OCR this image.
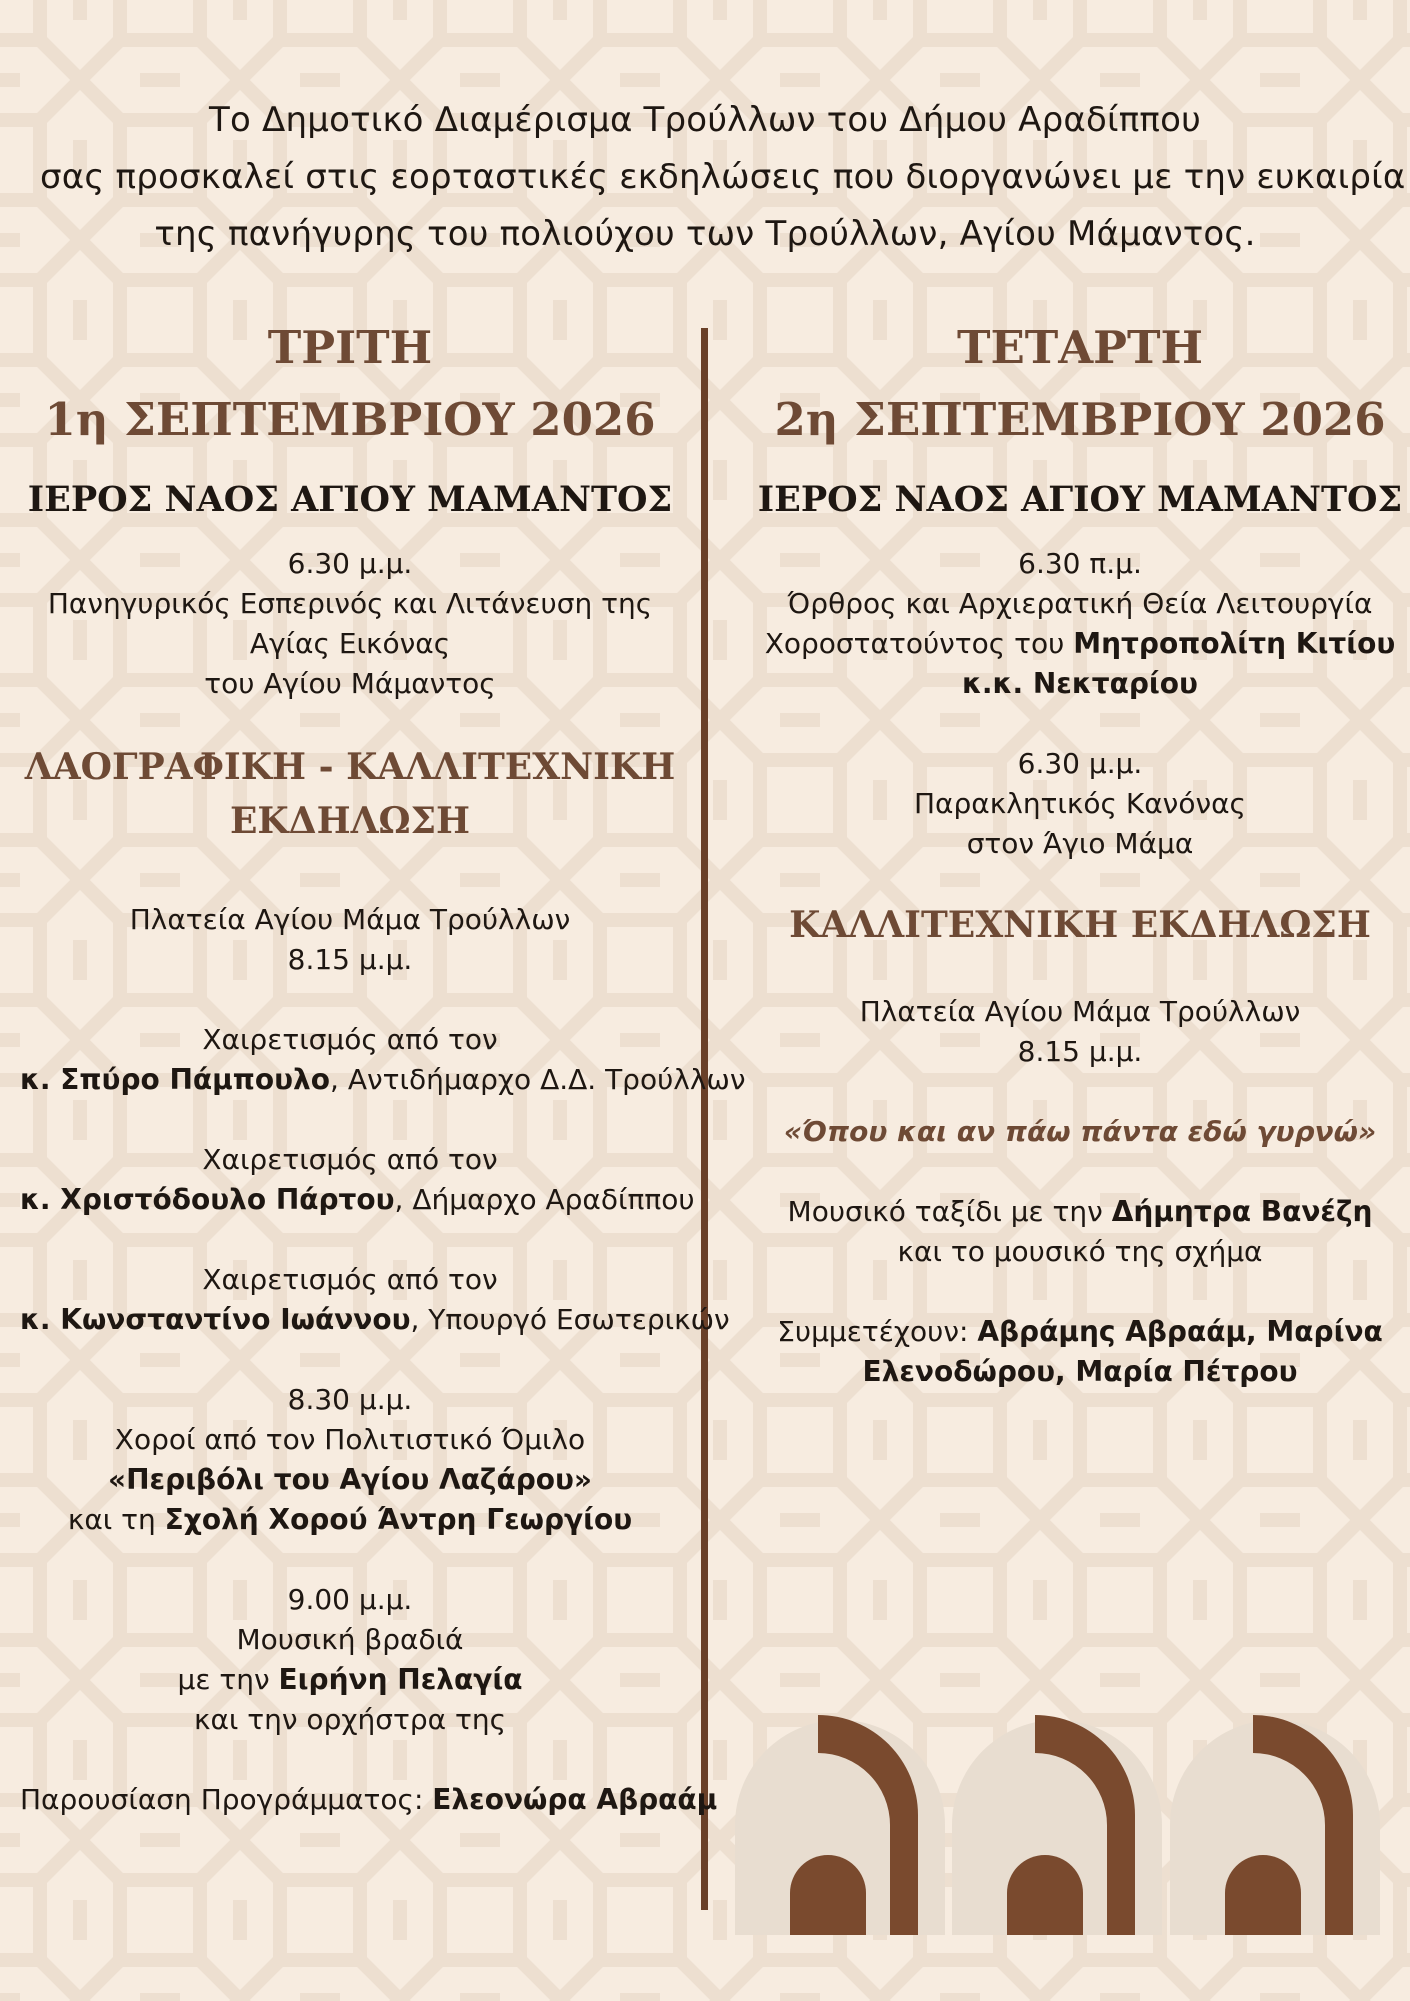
Το Δημοτικό Διαμέρισμα Τρούλλων του Δήμου Αραδίππου
σας προσκαλεί στις εορταστικές εκδηλώσεις που διοργανώνει με την ευκαιρία
της πανήγυρης του πολιούχου των Τρούλλων, Αγίου Μάμαντος.
ΤΡΙΤΗ
1η ΣΕΠΤΕΜΒΡΙΟΥ 2026
ΙΕΡΟΣ ΝΑΟΣ ΑΓΙΟΥ ΜΑΜΑΝΤΟΣ
6.30 μ.μ.
Πανηγυρικός Εσπερινός και Λιτάνευση της
Αγίας Εικόνας
του Αγίου Μάμαντος
ΛΑΟΓΡΑΦΙΚΗ - ΚΑΛΛΙΤΕΧΝΙΚΗ
ΕΚΔΗΛΩΣΗ
Πλατεία Αγίου Μάμα Τρούλλων
8.15 μ.μ.
Χαιρετισμός από τον
κ. Σπύρο Πάμπουλο, Αντιδήμαρχο Δ.Δ. Τρούλλων
Χαιρετισμός από τον
κ. Χριστόδουλο Πάρτου, Δήμαρχο Αραδίππου
Χαιρετισμός από τον
κ. Κωνσταντίνο Ιωάννου, Υπουργό Εσωτερικών
8.30 μ.μ.
Χοροί από τον Πολιτιστικό Όμιλο
«Περιβόλι του Αγίου Λαζάρου»
και τη Σχολή Χορού Άντρη Γεωργίου
9.00 μ.μ.
Μουσική βραδιά
με την Ειρήνη Πελαγία
και την ορχήστρα της
Παρουσίαση Προγράμματος: Ελεονώρα Αβραάμ
ΤΕΤΑΡΤΗ
2η ΣΕΠΤΕΜΒΡΙΟΥ 2026
ΙΕΡΟΣ ΝΑΟΣ ΑΓΙΟΥ ΜΑΜΑΝΤΟΣ
6.30 π.μ.
Όρθρος και Αρχιερατική Θεία Λειτουργία
Χοροστατούντος του Μητροπολίτη Κιτίου
κ.κ. Νεκταρίου
6.30 μ.μ.
Παρακλητικός Κανόνας
στον Άγιο Μάμα
ΚΑΛΛΙΤΕΧΝΙΚΗ ΕΚΔΗΛΩΣΗ
Πλατεία Αγίου Μάμα Τρούλλων
8.15 μ.μ.
«Όπου και αν πάω πάντα εδώ γυρνώ»
Μουσικό ταξίδι με την Δήμητρα Βανέζη
και το μουσικό της σχήμα
Συμμετέχουν: Αβράμης Αβραάμ, Μαρίνα
Ελενοδώρου, Μαρία Πέτρου
